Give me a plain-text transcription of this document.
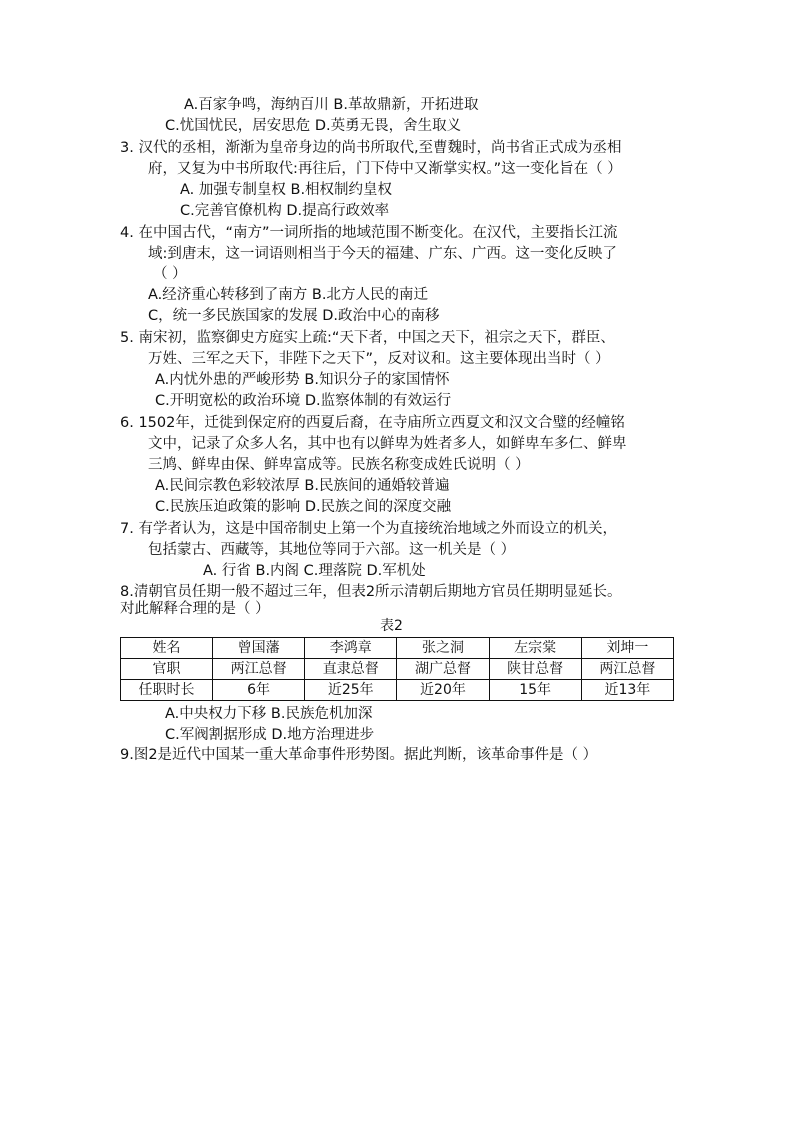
A.百家争鸣，海纳百川 B.革故鼎新，开拓进取
C.忧国忧民，居安思危 D.英勇无畏，舍生取义
3. 汉代的丞相，渐渐为皇帝身边的尚书所取代,至曹魏时，尚书省正式成为丞相
府，又复为中书所取代:再往后，门下侍中又渐掌实权。”这一变化旨在（ ）
A. 加强专制皇权 B.相权制约皇权
C.完善官僚机构 D.提高行政效率
4. 在中国古代，“南方”一词所指的地域范围不断变化。在汉代，主要指长江流
域:到唐末，这一词语则相当于今天的福建、广东、广西。这一变化反映了
（ ）
A.经济重心转移到了南方 B.北方人民的南迁
C，统一多民族国家的发展 D.政治中心的南移
5. 南宋初，监察御史方庭实上疏:“天下者，中国之天下，祖宗之天下，群臣、
万姓、三军之天下，非陛下之天下”，反对议和。这主要体现出当时（ ）
A.内忧外患的严峻形势 B.知识分子的家国情怀
C.开明宽松的政治环境 D.监察体制的有效运行
6. 1502年，迁徙到保定府的西夏后裔，在寺庙所立西夏文和汉文合璧的经幢铭
文中，记录了众多人名，其中也有以鲜卑为姓者多人，如鲜卑车多仁、鲜卑
三鸠、鲜卑由保、鲜卑富成等。民族名称变成姓氏说明（ ）
A.民间宗教色彩较浓厚 B.民族间的通婚较普遍
C.民族压迫政策的影响 D.民族之间的深度交融
7. 有学者认为，这是中国帝制史上第一个为直接统治地域之外而设立的机关，
包括蒙古、西藏等，其地位等同于六部。这一机关是（ ）
A. 行省 B.内阁 C.理落院 D.军机处
8.清朝官员任期一般不超过三年，但表2所示清朝后期地方官员任期明显延长。
对此解释合理的是（ ）
表2
姓名	曾国藩	李鸿章	张之洞	左宗棠	刘坤一
官职	两江总督	直隶总督	湖广总督	陕甘总督	两江总督
任职时长	6年	近25年	近20年	15年	近13年
A.中央权力下移 B.民族危机加深
C.军阀割据形成 D.地方治理进步
9.图2是近代中国某一重大革命事件形势图。据此判断，该革命事件是（ ）
